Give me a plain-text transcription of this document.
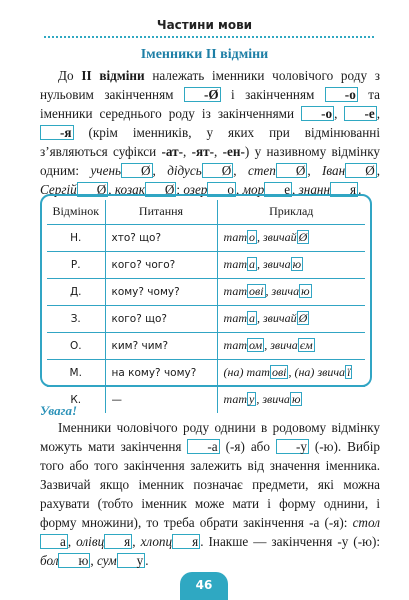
Частини мови
Іменники ІІ відміни

До ІІ відміни належать іменники чоловічого роду з нульовим закінченням -Ø і закінченням -о та іменники середнього роду із закінченнями -о , -е , -я (крім іменників, у яких при відмінюванні з’являються суфікси -ат-, -ят-, -ен-) у називному відмінку одним: учень Ø , дідусь Ø , степ Ø , Іван Ø , Сергій Ø , козак Ø ; озер о , мор е , знанн я .

Відмінок	Питання	Приклад
Н.	хто? що?	тат о , звичай Ø
Р.	кого? чого?	тат а , звича ю
Д.	кому? чому?	тат ові , звича ю
З.	кого? що?	тат а , звичай Ø
О.	ким? чим?	тат ом , звича єм
М.	на кому? чому?	(на) тат ові , (на) звича ї
К.	—	тат у , звича ю
Увага!

Іменники чоловічого роду однини в родовому відмінку можуть мати закінчення -а (-я) або -у (-ю). Вибір того або того закінчення залежить від значення іменника. Зазвичай якщо іменник позначає предмети, які можна рахувати (тобто іменник може мати і форму однини, і форму множини), то треба обрати закінчення -а (-я): стола , олівц я , хлопц я . Інакше — закінчення -у (-ю): бол ю , сум у .

46
